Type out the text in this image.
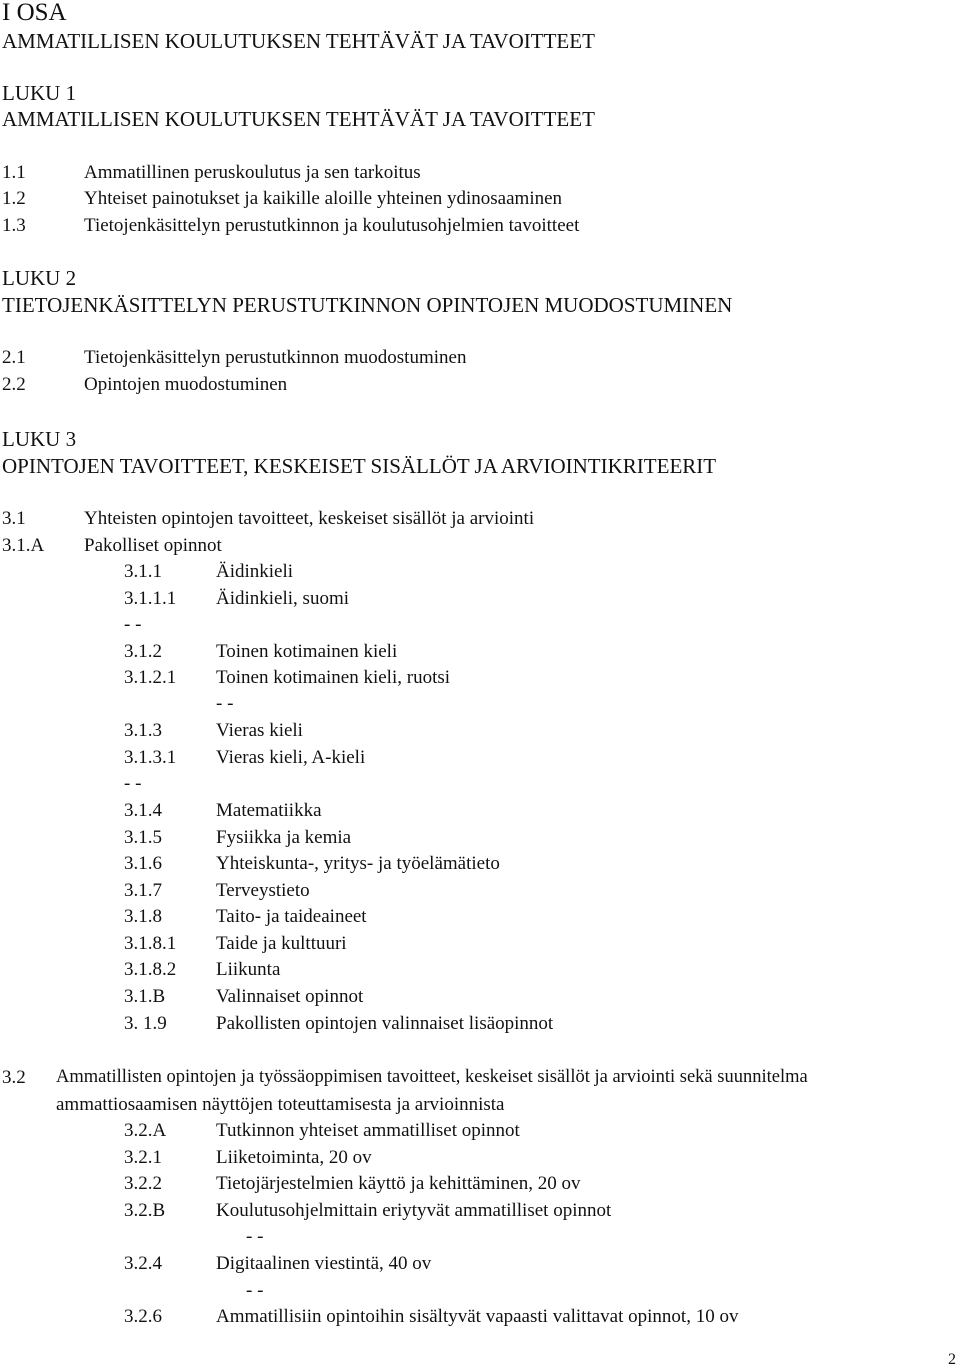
I OSA
AMMATILLISEN KOULUTUKSEN TEHTÄVÄT JA TAVOITTEET
LUKU 1
AMMATILLISEN KOULUTUKSEN TEHTÄVÄT JA TAVOITTEET
1.1	Ammatillinen peruskoulutus ja sen tarkoitus
1.2	Yhteiset painotukset ja kaikille aloille yhteinen ydinosaaminen
1.3	Tietojenkäsittelyn perustutkinnon ja koulutusohjelmien tavoitteet
LUKU 2
TIETOJENKÄSITTELYN PERUSTUTKINNON OPINTOJEN MUODOSTUMINEN
2.1	Tietojenkäsittelyn perustutkinnon muodostuminen
2.2	Opintojen muodostuminen
LUKU 3
OPINTOJEN TAVOITTEET, KESKEISET SISÄLLÖT JA ARVIOINTIKRITEERIT
3.1	Yhteisten opintojen tavoitteet, keskeiset sisällöt ja arviointi
3.1.A Pakolliset opinnot
3.1.1	Äidinkieli
3.1.1.1 Äidinkieli, suomi
- -
3.1.2	Toinen kotimainen kieli
3.1.2.1 Toinen kotimainen kieli, ruotsi
- -
3.1.3	Vieras kieli
3.1.3.1 Vieras kieli, A-kieli
- -
3.1.4	Matematiikka
3.1.5	Fysiikka ja kemia
3.1.6	Yhteiskunta-, yritys- ja työelämätieto
3.1.7	Terveystieto
3.1.8	Taito- ja taideaineet
3.1.8.1 Taide ja kulttuuri
3.1.8.2 Liikunta
3.1.B	Valinnaiset opinnot
3. 1.9	Pakollisten opintojen valinnaiset lisäopinnot
3.2 Ammatillisten opintojen ja työssäoppimisen tavoitteet, keskeiset sisällöt ja arviointi sekä suunnitelma
ammattiosaamisen näyttöjen toteuttamisesta ja arvioinnista
3.2.A	Tutkinnon yhteiset ammatilliset opinnot
3.2.1	Liiketoiminta, 20 ov
3.2.2	Tietojärjestelmien käyttö ja kehittäminen, 20 ov
3.2.B	Koulutusohjelmittain eriytyvät ammatilliset opinnot
- -
3.2.4	Digitaalinen viestintä, 40 ov
- -
3.2.6	Ammatillisiin opintoihin sisältyvät vapaasti valittavat opinnot, 10 ov
2
